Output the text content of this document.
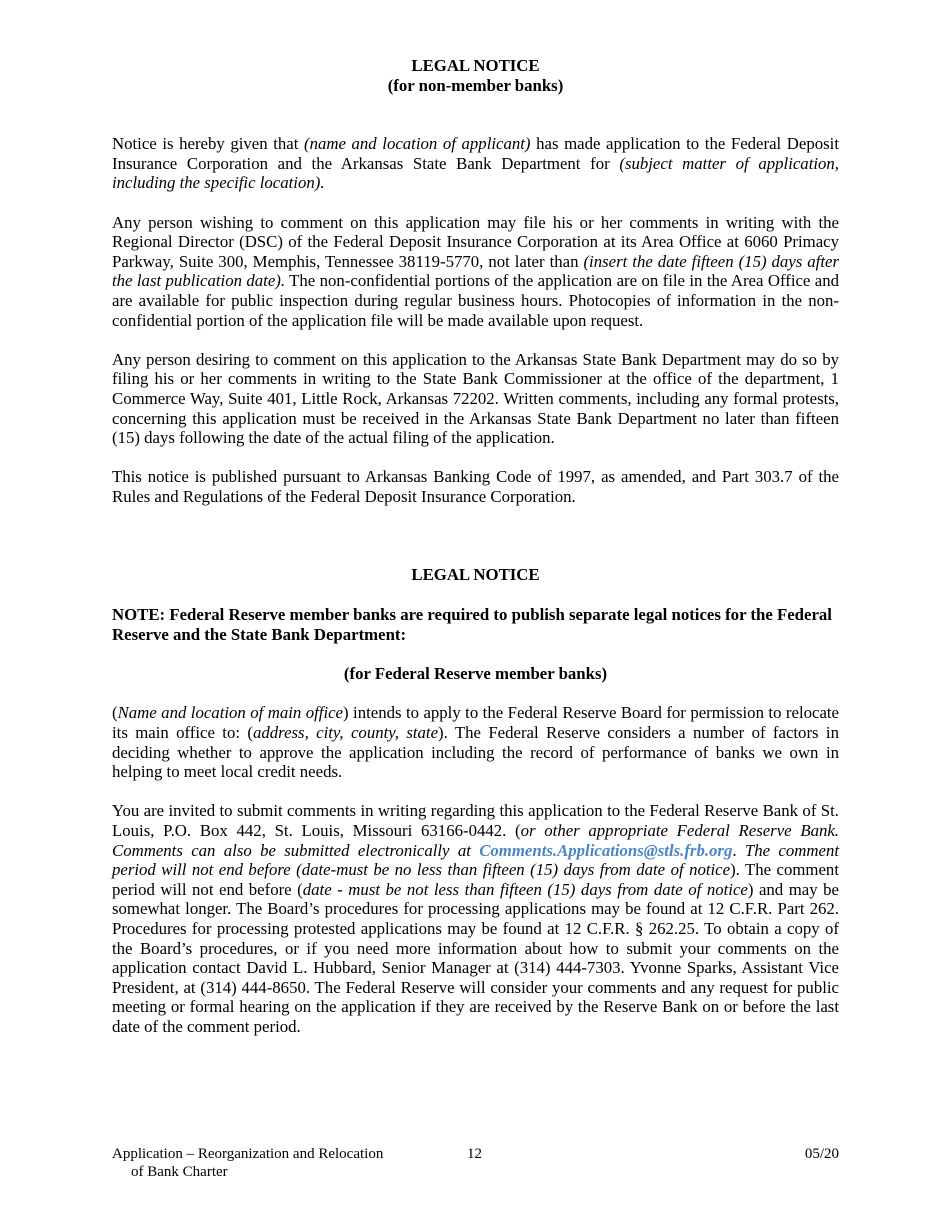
LEGAL NOTICE
(for non-member banks)

Notice is hereby given that (name and location of applicant) has made application to the Federal Deposit Insurance Corporation and the Arkansas State Bank Department for (subject matter of application, including the specific location).

Any person wishing to comment on this application may file his or her comments in writing with the Regional Director (DSC) of the Federal Deposit Insurance Corporation at its Area Office at 6060 Primacy Parkway, Suite 300, Memphis, Tennessee 38119-5770, not later than (insert the date fifteen (15) days after the last publication date). The non-confidential portions of the application are on file in the Area Office and are available for public inspection during regular business hours. Photocopies of information in the non-confidential portion of the application file will be made available upon request.

Any person desiring to comment on this application to the Arkansas State Bank Department may do so by filing his or her comments in writing to the State Bank Commissioner at the office of the department, 1 Commerce Way, Suite 401, Little Rock, Arkansas 72202. Written comments, including any formal protests, concerning this application must be received in the Arkansas State Bank Department no later than fifteen (15) days following the date of the actual filing of the application.

This notice is published pursuant to Arkansas Banking Code of 1997, as amended, and Part 303.7 of the Rules and Regulations of the Federal Deposit Insurance Corporation.

LEGAL NOTICE

NOTE: Federal Reserve member banks are required to publish separate legal notices for the Federal Reserve and the State Bank Department:

(for Federal Reserve member banks)

(Name and location of main office) intends to apply to the Federal Reserve Board for permission to relocate its main office to: (address, city, county, state). The Federal Reserve considers a number of factors in deciding whether to approve the application including the record of performance of banks we own in helping to meet local credit needs.

You are invited to submit comments in writing regarding this application to the Federal Reserve Bank of St. Louis, P.O. Box 442, St. Louis, Missouri 63166-0442. (or other appropriate Federal Reserve Bank. Comments can also be submitted electronically at Comments.Applications@stls.frb.org. The comment period will not end before (date-must be no less than fifteen (15) days from date of notice). The comment period will not end before (date - must be not less than fifteen (15) days from date of notice) and may be somewhat longer. The Board’s procedures for processing applications may be found at 12 C.F.R. Part 262. Procedures for processing protested applications may be found at 12 C.F.R. § 262.25. To obtain a copy of the Board’s procedures, or if you need more information about how to submit your comments on the application contact David L. Hubbard, Senior Manager at (314) 444-7303. Yvonne Sparks, Assistant Vice President, at (314) 444-8650. The Federal Reserve will consider your comments and any request for public meeting or formal hearing on the application if they are received by the Reserve Bank on or before the last date of the comment period.

Application – Reorganization and Relocation
of Bank Charter
12	05/20
